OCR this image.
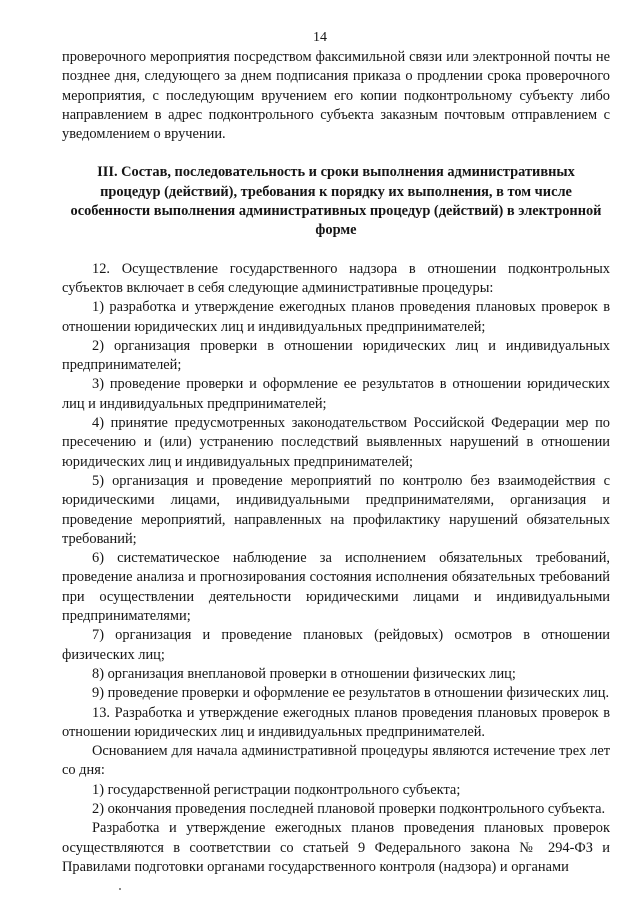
14

проверочного мероприятия посредством факсимильной связи или электронной почты не позднее дня, следующего за днем подписания приказа о продлении срока проверочного мероприятия, с последующим вручением его копии подконтрольному субъекту либо направлением в адрес подконтрольного субъекта заказным почтовым отправлением с уведомлением о вручении.

III. Состав, последовательность и сроки выполнения административных процедур (действий), требования к порядку их выполнения, в том числе особенности выполнения административных процедур (действий) в электронной форме

12. Осуществление государственного надзора в отношении подконтрольных субъектов включает в себя следующие административные процедуры:

1) разработка и утверждение ежегодных планов проведения плановых проверок в отношении юридических лиц и индивидуальных предпринимателей;

2) организация проверки в отношении юридических лиц и индивидуальных предпринимателей;

3) проведение проверки и оформление ее результатов в отношении юридических лиц и индивидуальных предпринимателей;

4) принятие предусмотренных законодательством Российской Федерации мер по пресечению и (или) устранению последствий выявленных нарушений в отношении юридических лиц и индивидуальных предпринимателей;

5) организация и проведение мероприятий по контролю без взаимодействия с юридическими лицами, индивидуальными предпринимателями, организация и проведение мероприятий, направленных на профилактику нарушений обязательных требований;

6) систематическое наблюдение за исполнением обязательных требований, проведение анализа и прогнозирования состояния исполнения обязательных требований при осуществлении деятельности юридическими лицами и индивидуальными предпринимателями;

7) организация и проведение плановых (рейдовых) осмотров в отношении физических лиц;

8) организация внеплановой проверки в отношении физических лиц;

9) проведение проверки и оформление ее результатов в отношении физических лиц.

13. Разработка и утверждение ежегодных планов проведения плановых проверок в отношении юридических лиц и индивидуальных предпринимателей.

Основанием для начала административной процедуры являются истечение трех лет со дня:

1) государственной регистрации подконтрольного субъекта;

2) окончания проведения последней плановой проверки подконтрольного субъекта.

Разработка и утверждение ежегодных планов проведения плановых проверок осуществляются в соответствии со статьей 9 Федерального закона № 294-ФЗ и Правилами подготовки органами государственного контроля (надзора) и органами
